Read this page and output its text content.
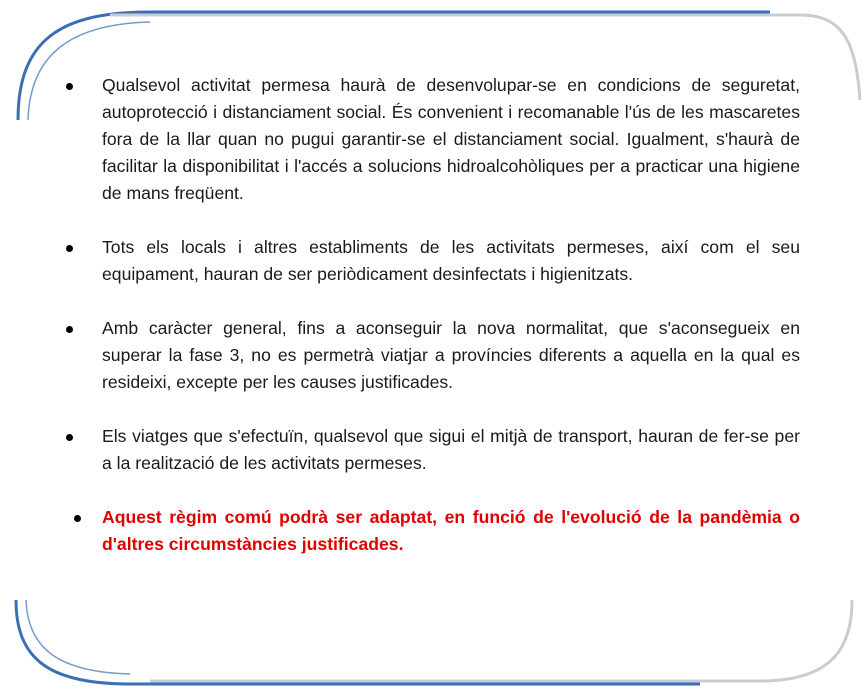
Qualsevol activitat permesa haurà de desenvolupar-se en condicions de seguretat, autoprotecció i distanciament social. És convenient i recomanable l'ús de les mascaretes fora de la llar quan no pugui garantir-se el distanciament social. Igualment, s'haurà de facilitar la disponibilitat i l'accés a solucions hidroalcohòliques per a practicar una higiene de mans freqüent.
Tots els locals i altres establiments de les activitats permeses, així com el seu equipament, hauran de ser periòdicament desinfectats i higienitzats.
Amb caràcter general, fins a aconseguir la nova normalitat, que s'aconsegueix en superar la fase 3, no es permetrà viatjar a províncies diferents a aquella en la qual es resideixi, excepte per les causes justificades.
Els viatges que s'efectuïn, qualsevol que sigui el mitjà de transport, hauran de fer-se per a la realització de les activitats permeses.
Aquest règim comú podrà ser adaptat, en funció de l'evolució de la pandèmia o d'altres circumstàncies justificades.
